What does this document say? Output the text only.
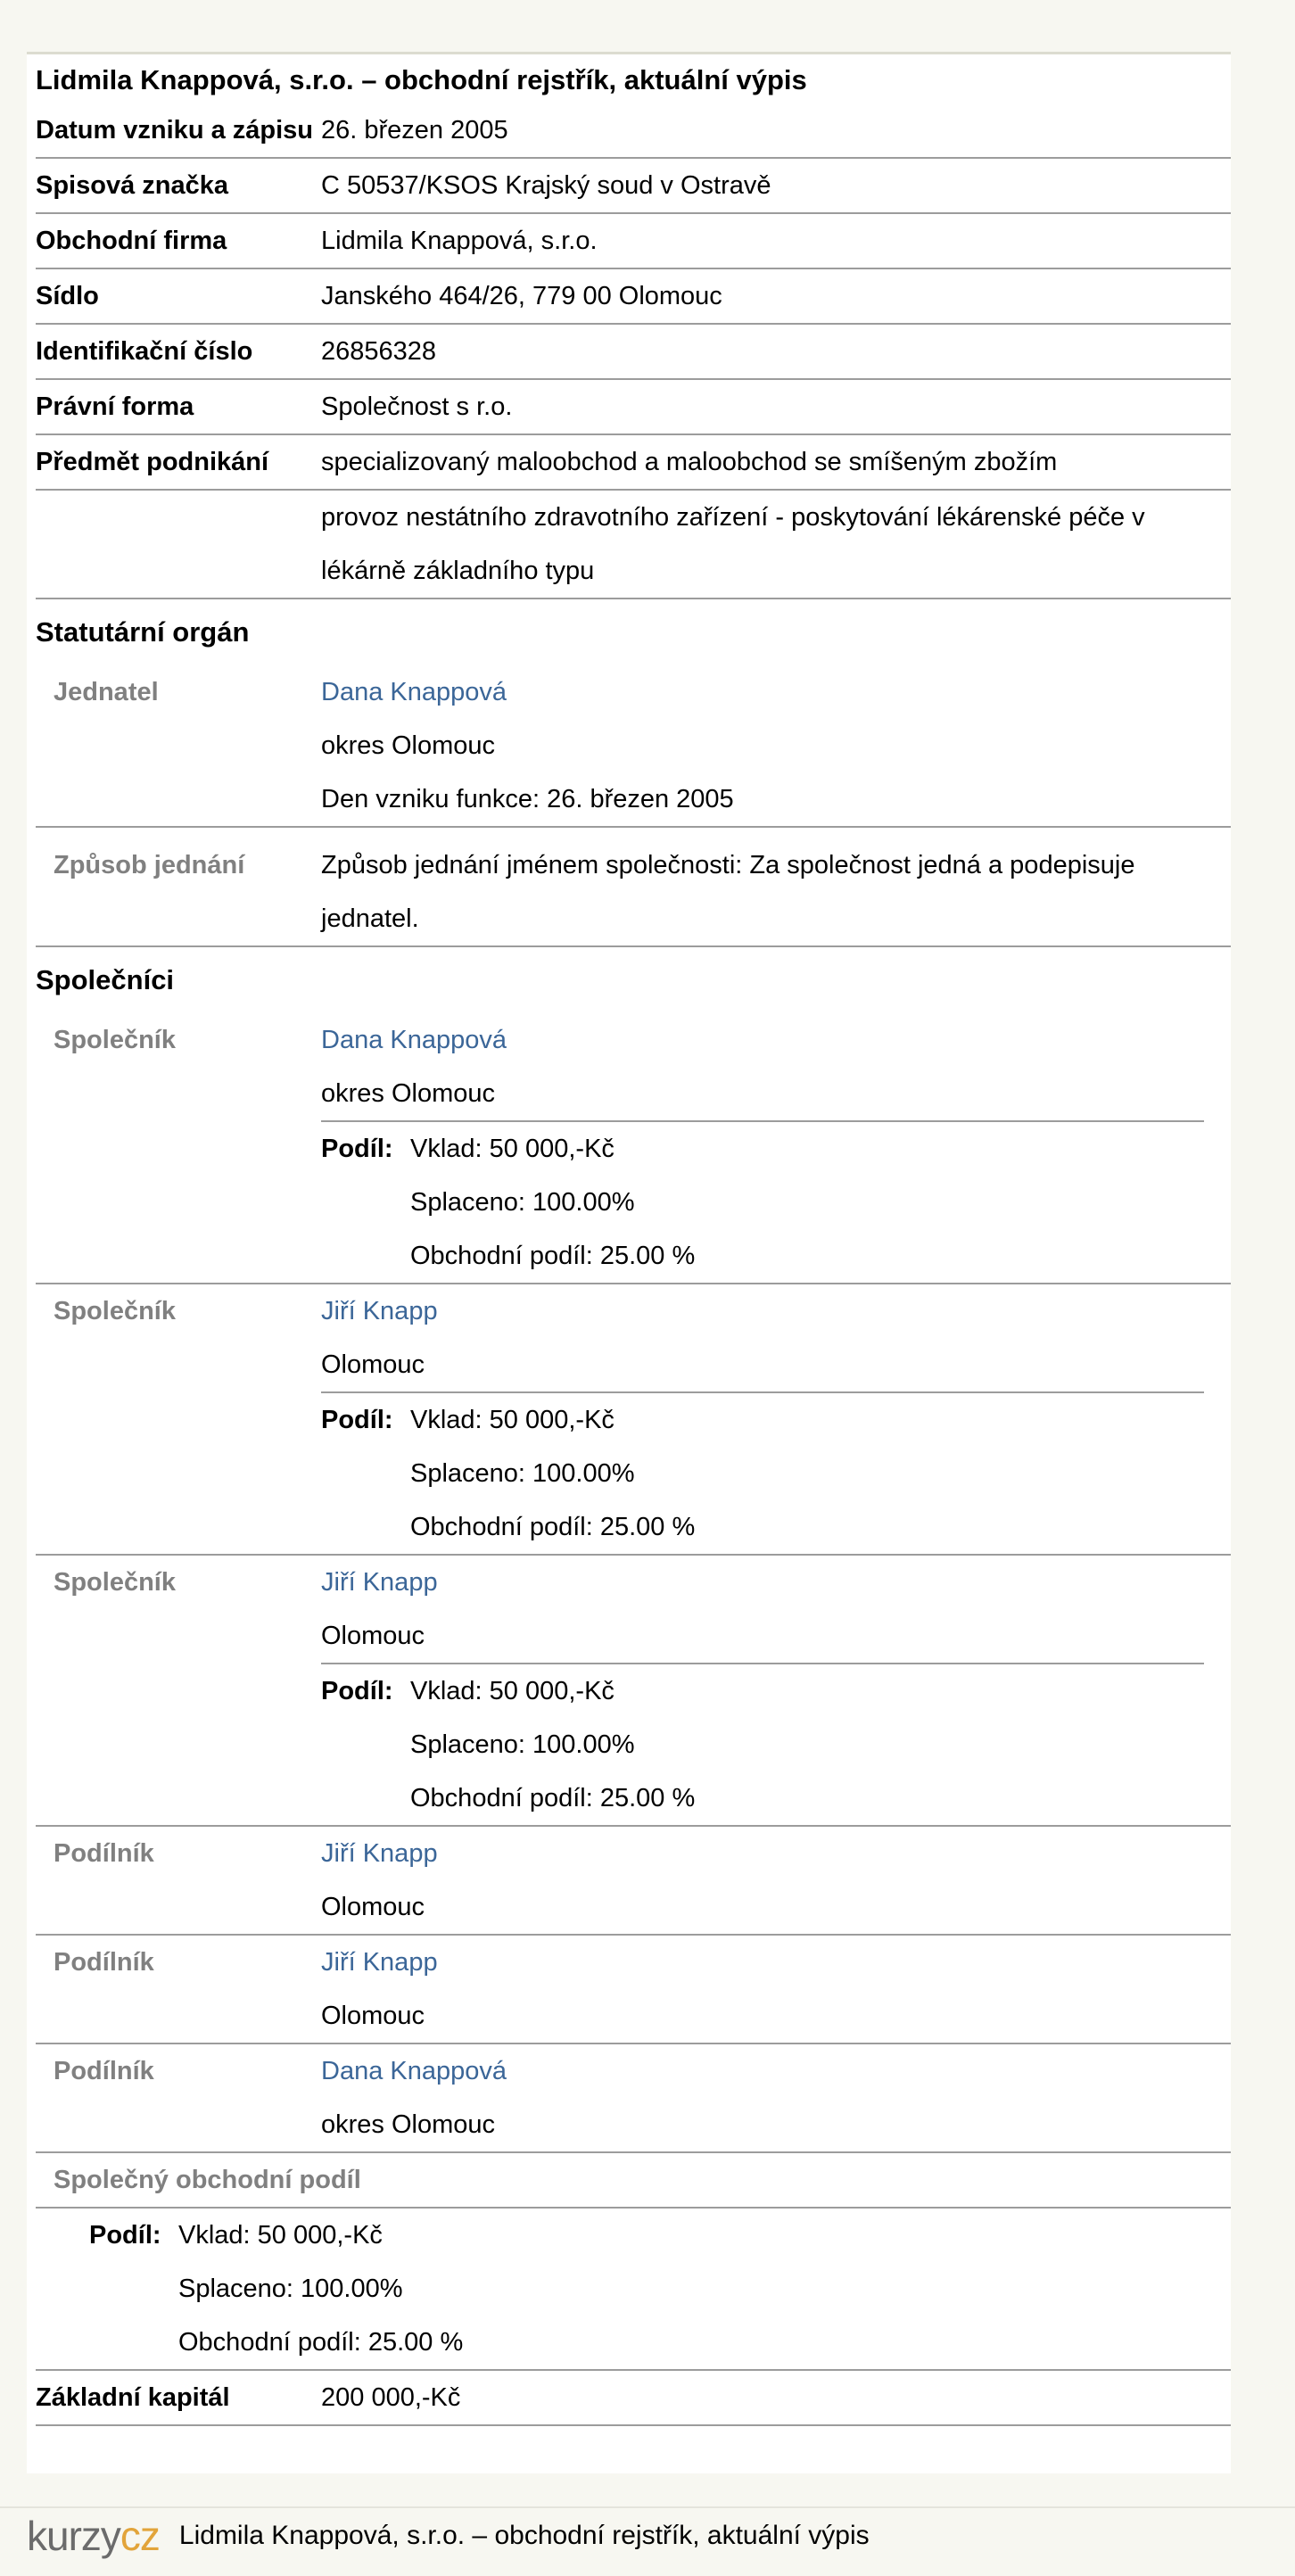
Lidmila Knappová, s.r.o. – obchodní rejstřík, aktuální výpis
Datum vzniku a zápisu 26. březen 2005
Spisová značka	C 50537/KSOS Krajský soud v Ostravě
Obchodní firma	Lidmila Knappová, s.r.o.
Sídlo	Janského 464/26, 779 00 Olomouc
Identifikační číslo	26856328
Právní forma	Společnost s r.o.
Předmět podnikání	specializovaný maloobchod a maloobchod se smíšeným zbožím
provoz nestátního zdravotního zařízení - poskytování lékárenské péče v lékárně základního typu
Statutární orgán
Jednatel	Dana Knappová
okres Olomouc
Den vzniku funkce: 26. březen 2005
Způsob jednání	Způsob jednání jménem společnosti: Za společnost jedná a podepisuje jednatel.
Společníci
Společník	Dana Knappová
okres Olomouc
Podíl: Vklad: 50 000,-Kč
Splaceno: 100.00%
Obchodní podíl: 25.00 %
Společník	Jiří Knapp
Olomouc
Podíl: Vklad: 50 000,-Kč
Splaceno: 100.00%
Obchodní podíl: 25.00 %
Společník	Jiří Knapp
Olomouc
Podíl: Vklad: 50 000,-Kč
Splaceno: 100.00%
Obchodní podíl: 25.00 %
Podílník	Jiří Knapp
Olomouc
Podílník	Jiří Knapp
Olomouc
Podílník	Dana Knappová
okres Olomouc
Společný obchodní podíl
Podíl: Vklad: 50 000,-Kč
Splaceno: 100.00%
Obchodní podíl: 25.00 %
Základní kapitál	200 000,-Kč
kurzy cz Lidmila Knappová, s.r.o. – obchodní rejstřík, aktuální výpis
